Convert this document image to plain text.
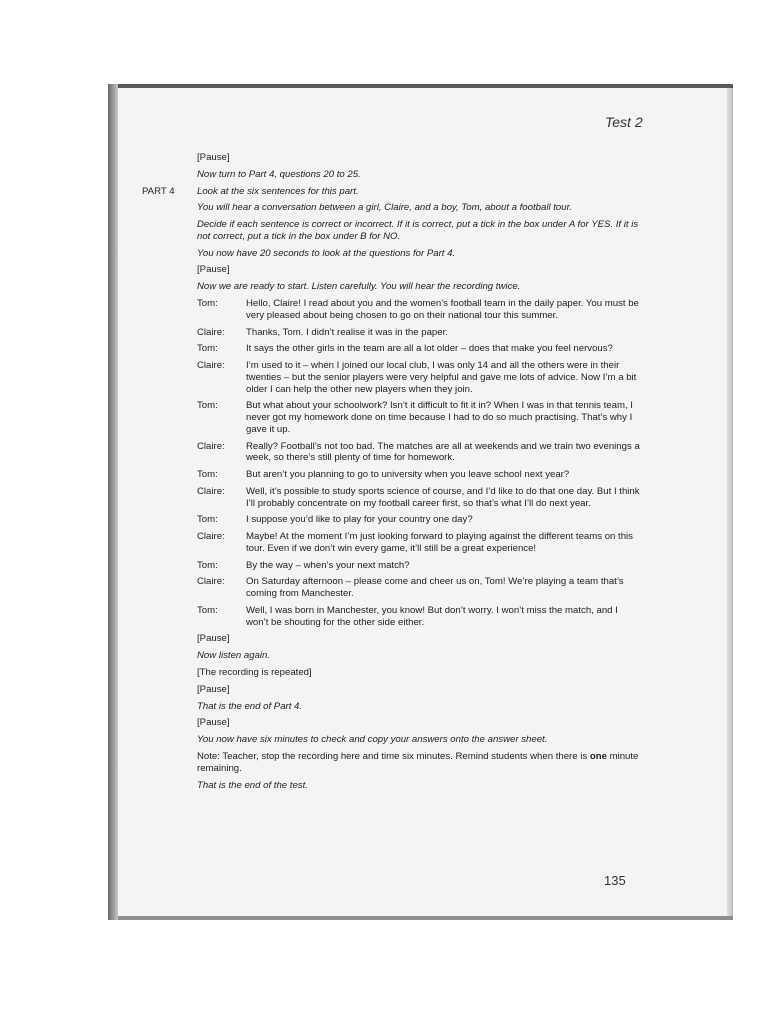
Test 2
[Pause]
Now turn to Part 4, questions 20 to 25.
PART 4 Look at the six sentences for this part.
You will hear a conversation between a girl, Claire, and a boy, Tom, about a football tour.
Decide if each sentence is correct or incorrect. If it is correct, put a tick in the box under A for YES. If it is not correct, put a tick in the box under B for NO.
You now have 20 seconds to look at the questions for Part 4.
[Pause]
Now we are ready to start. Listen carefully. You will hear the recording twice.
Tom:	Hello, Claire! I read about you and the women’s football team in the daily paper. You must be very pleased about being chosen to go on their national tour this summer.
Claire:	Thanks, Tom. I didn’t realise it was in the paper.
Tom:	It says the other girls in the team are all a lot older – does that make you feel nervous?
Claire:	I’m used to it – when I joined our local club, I was only 14 and all the others were in their twenties – but the senior players were very helpful and gave me lots of advice. Now I’m a bit older I can help the other new players when they join.
Tom:	But what about your schoolwork? Isn’t it difficult to fit it in? When I was in that tennis team, I never got my homework done on time because I had to do so much practising. That’s why I gave it up.
Claire:	Really? Football’s not too bad. The matches are all at weekends and we train two evenings a week, so there’s still plenty of time for homework.
Tom:	But aren’t you planning to go to university when you leave school next year?
Claire:	Well, it’s possible to study sports science of course, and I’d like to do that one day. But I think I’ll probably concentrate on my football career first, so that’s what I’ll do next year.
Tom:	I suppose you’d like to play for your country one day?
Claire:	Maybe! At the moment I’m just looking forward to playing against the different teams on this tour. Even if we don’t win every game, it’ll still be a great experience!
Tom:	By the way – when’s your next match?
Claire:	On Saturday afternoon – please come and cheer us on, Tom! We’re playing a team that’s coming from Manchester.
Tom:	Well, I was born in Manchester, you know! But don’t worry. I won’t miss the match, and I won’t be shouting for the other side either.
[Pause]
Now listen again.
[The recording is repeated]
[Pause]
That is the end of Part 4.
[Pause]
You now have six minutes to check and copy your answers onto the answer sheet.
Note: Teacher, stop the recording here and time six minutes. Remind students when there is one minute remaining.
That is the end of the test.
135
